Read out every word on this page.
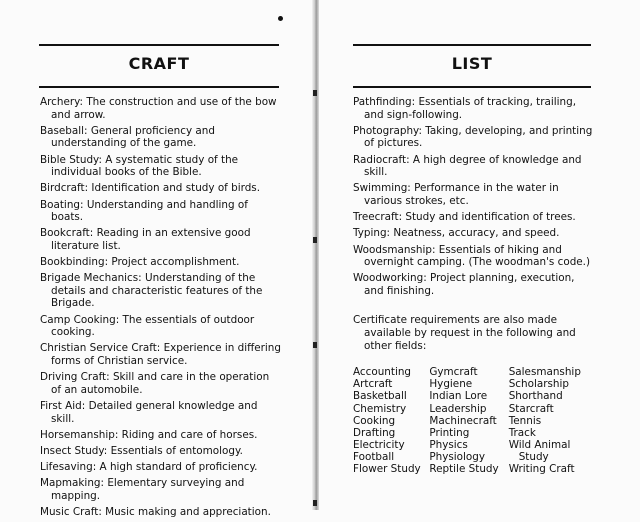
CRAFT	LIST
Archery: The construction and use of the bow and arrow.
Baseball: General proficiency and understanding of the game.
Bible Study: A systematic study of the individual books of the Bible.
Birdcraft: Identification and study of birds.
Boating: Understanding and handling of boats.
Bookcraft: Reading in an extensive good literature list.
Bookbinding: Project accomplishment.
Brigade Mechanics: Understanding of the details and characteristic features of the Brigade.
Camp Cooking: The essentials of outdoor cooking.
Christian Service Craft: Experience in differing forms of Christian service.
Driving Craft: Skill and care in the operation of an automobile.
First Aid: Detailed general knowledge and skill.
Horsemanship: Riding and care of horses.
Insect Study: Essentials of entomology.
Lifesaving: A high standard of proficiency.
Mapmaking: Elementary surveying and mapping.
Music Craft: Music making and appreciation.
Pathfinding: Essentials of tracking, trailing, and sign-following.
Photography: Taking, developing, and printing of pictures.
Radiocraft: A high degree of knowledge and skill.
Swimming: Performance in the water in various strokes, etc.
Treecraft: Study and identification of trees.
Typing: Neatness, accuracy, and speed.
Woodsmanship: Essentials of hiking and overnight camping. (The woodman's code.)
Woodworking: Project planning, execution, and finishing.
Certificate requirements are also made available by request in the following and other fields:
Accounting
Artcraft
Basketball
Chemistry
Cooking
Drafting
Electricity
Football
Flower Study
Gymcraft
Hygiene
Indian Lore
Leadership
Machinecraft
Printing
Physics
Physiology
Reptile Study
Salesmanship
Scholarship
Shorthand
Starcraft
Tennis
Track
Wild Animal Study
Writing Craft
